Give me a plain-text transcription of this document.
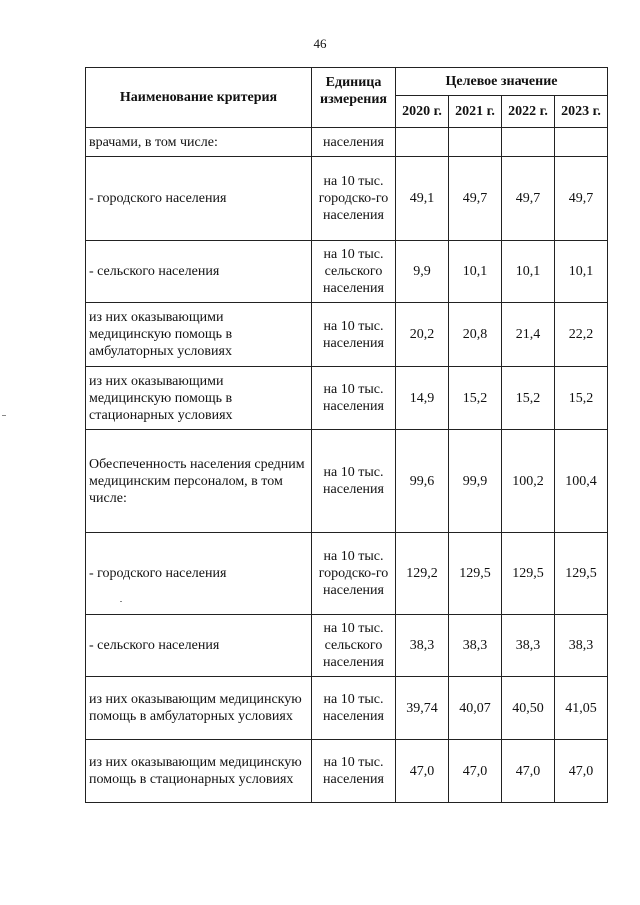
46
Наименование критерия	Единица измерения	Целевое значение			
		2020 г.	2021 г.	2022 г.	2023 г.
врачами, в том числе:	населения				
- городского населения	на 10 тыс. городско-го населения	49,1	49,7	49,7	49,7
- сельского населения	на 10 тыс. сельского населения	9,9	10,1	10,1	10,1
из них оказывающими медицинскую помощь в амбулаторных условиях	на 10 тыс. населения	20,2	20,8	21,4	22,2
из них оказывающими медицинскую помощь в стационарных условиях	на 10 тыс. населения	14,9	15,2	15,2	15,2
Обеспеченность населения средним медицинским персоналом, в том числе:	на 10 тыс. населения	99,6	99,9	100,2	100,4
- городского населения	на 10 тыс. городско-го населения	129,2	129,5	129,5	129,5
- сельского населения	на 10 тыс. сельского населения	38,3	38,3	38,3	38,3
из них оказывающим медицинскую помощь в амбулаторных условиях	на 10 тыс. населения	39,74	40,07	40,50	41,05
из них оказывающим медицинскую помощь в стационарных условиях	на 10 тыс. населения	47,0	47,0	47,0	47,0
